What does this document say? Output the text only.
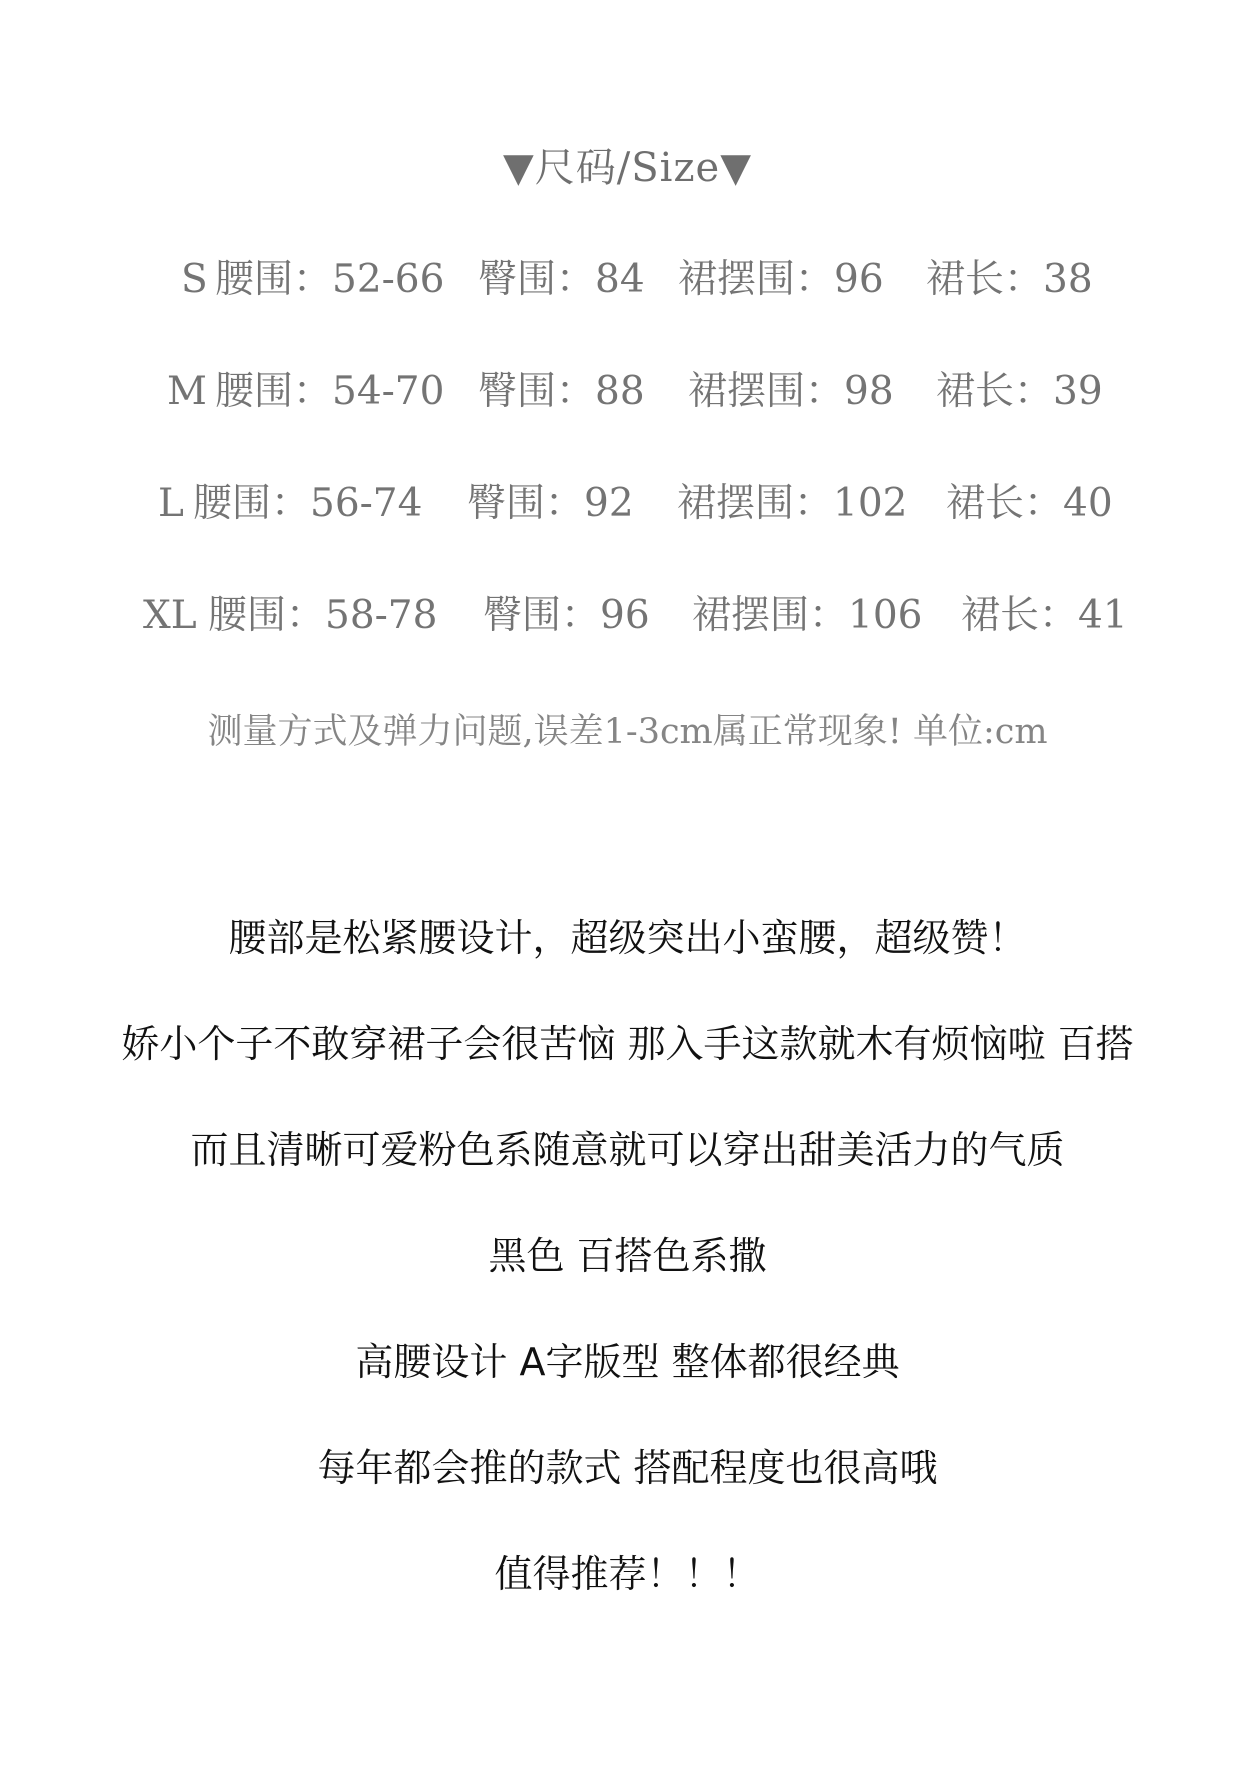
▼尺码/Size▼
S 腰围：52-66 臀围：84 裙摆围：96 裙长：38
M 腰围：54-70 臀围：88 裙摆围：98 裙长：39
L 腰围：56-74 臀围：92 裙摆围：102 裙长：40
XL 腰围：58-78 臀围：96 裙摆围：106 裙长：41
测量方式及弹力问题,误差1-3cm属正常现象! 单位:cm
腰部是松紧腰设计，超级突出小蛮腰，超级赞！
娇小个子不敢穿裙子会很苦恼 那入手这款就木有烦恼啦 百搭
而且清晰可爱粉色系随意就可以穿出甜美活力的气质
黑色 百搭色系撒
高腰设计 A字版型 整体都很经典
每年都会推的款式 搭配程度也很高哦
值得推荐！！！
